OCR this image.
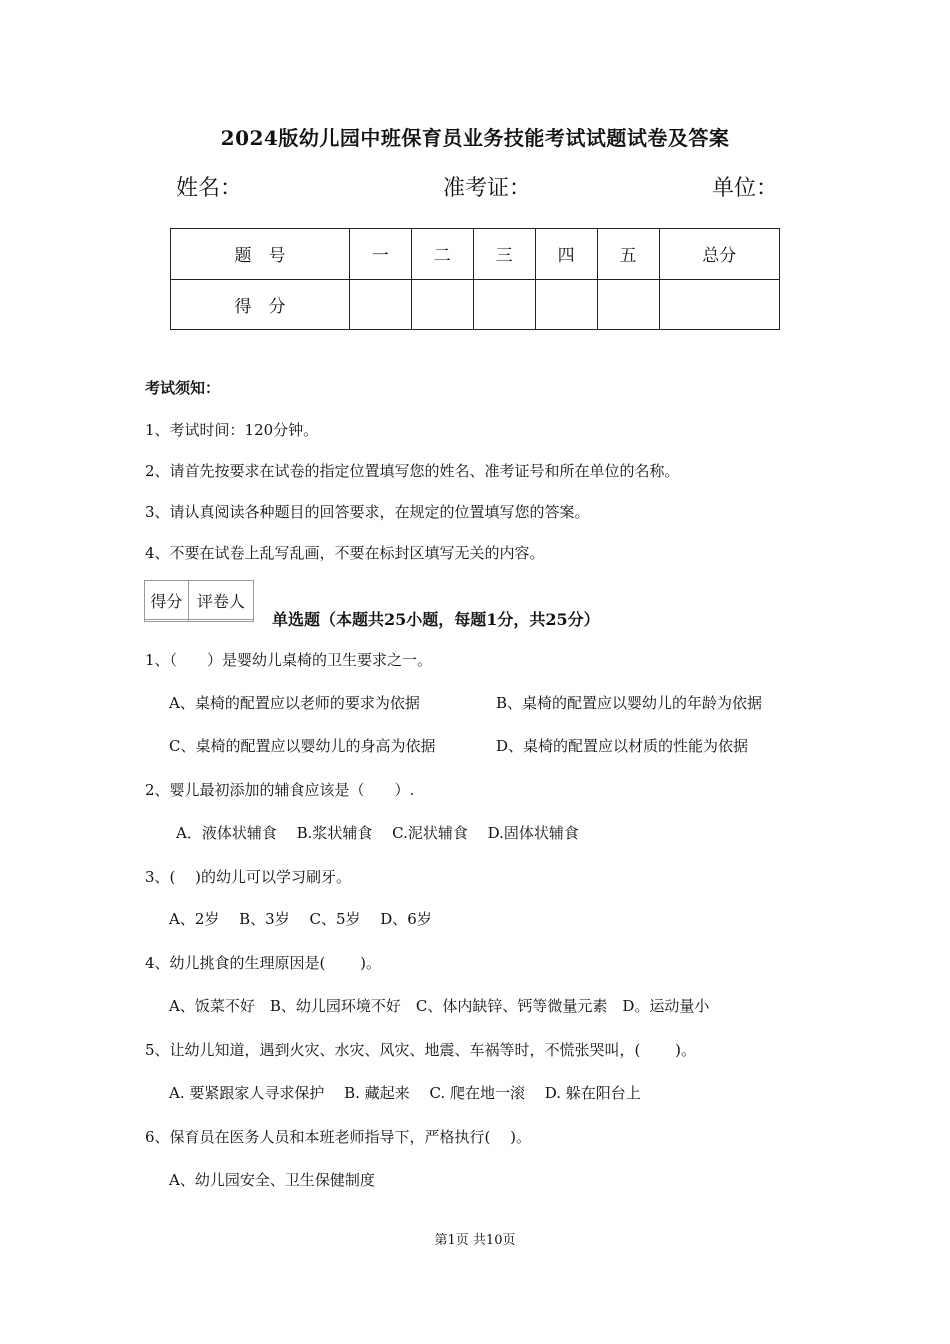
2024版幼儿园中班保育员业务技能考试试题试卷及答案
姓名：	准考证：	单位：
题　号	一	二	三	四	五	总分
得　分						
考试须知：
1、考试时间：120分钟。
2、请首先按要求在试卷的指定位置填写您的姓名、准考证号和所在单位的名称。
3、请认真阅读各种题目的回答要求，在规定的位置填写您的答案。
4、不要在试卷上乱写乱画，不要在标封区填写无关的内容。
得分	评卷人

单选题（本题共25小题，每题1分，共25分）
1、（　　）是婴幼儿桌椅的卫生要求之一。
A、桌椅的配置应以老师的要求为依据	B、桌椅的配置应以婴幼儿的年龄为依据
C、桌椅的配置应以婴幼儿的身高为依据	D、桌椅的配置应以材质的性能为依据
2、婴儿最初添加的辅食应该是（　　）.
A．液体状辅食　 B.浆状辅食　 C.泥状辅食　 D.固体状辅食
3、(　 )的幼儿可以学习刷牙。
A、2岁　 B、3岁　 C、5岁　 D、6岁
4、幼儿挑食的生理原因是(　　 )。
A、饭菜不好　B、幼儿园环境不好　C、体内缺锌、钙等微量元素　D。运动量小
5、让幼儿知道，遇到火灾、水灾、风灾、地震、车祸等时，不慌张哭叫，(　　 )。
A. 要紧跟家人寻求保护　 B. 藏起来　 C. 爬在地一滚　 D. 躲在阳台上
6、保育员在医务人员和本班老师指导下，严格执行(　 )。
A、幼儿园安全、卫生保健制度
第1页 共10页
